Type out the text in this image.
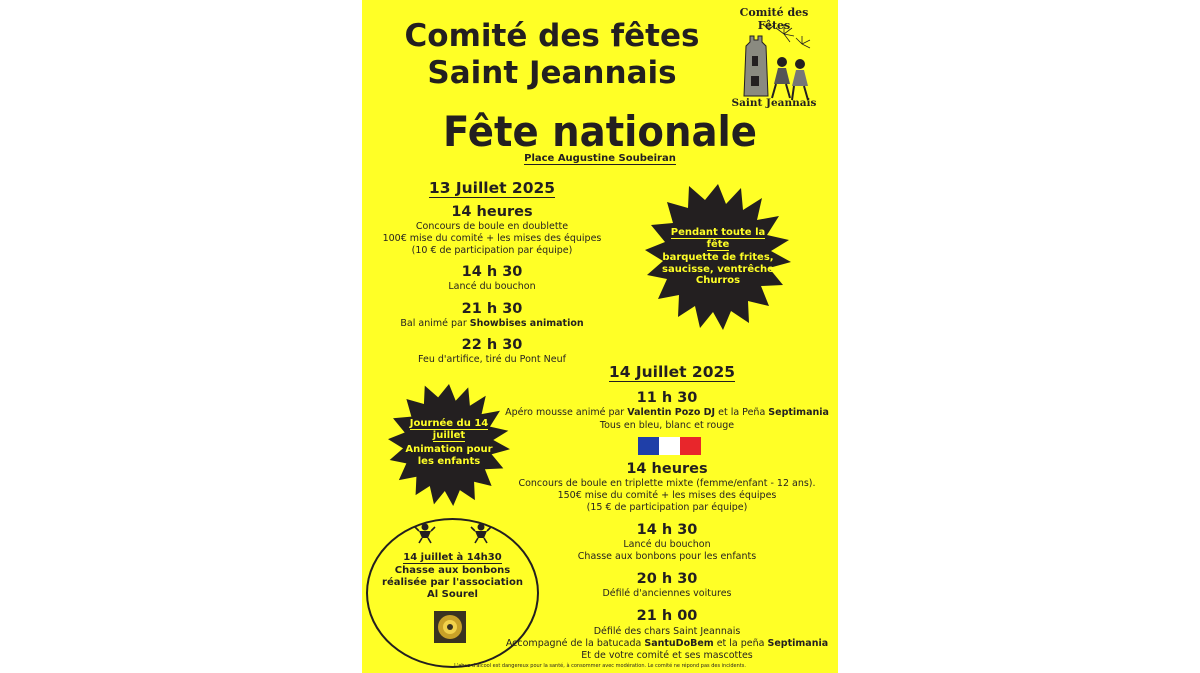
Comité des fêtes
Saint Jeannais
Fête nationale
Place Augustine Soubeiran
Comité des Fêtes
Saint Jeannais
13 Juillet 2025
14 heures
Concours de boule en doublette
100€ mise du comité + les mises des équipes
(10 € de participation par équipe)
14 h 30
Lancé du bouchon
21 h 30
Bal animé par Showbises animation
22 h 30
Feu d'artifice, tiré du Pont Neuf
Pendant toute la
fête
barquette de frites,
saucisse, ventrêche
Churros
14 Juillet 2025
11 h 30
Apéro mousse animé par Valentin Pozo DJ et la Peña Septimania
Tous en bleu, blanc et rouge
14 heures
Concours de boule en triplette mixte (femme/enfant - 12 ans).
150€ mise du comité + les mises des équipes
(15 € de participation par équipe)
14 h 30
Lancé du bouchon
Chasse aux bonbons pour les enfants
20 h 30
Défilé d'anciennes voitures
21 h 00
Défilé des chars Saint Jeannais
Accompagné de la batucada SantuDoBem et la peña Septimania
Et de votre comité et ses mascottes
Journée du 14
juillet
Animation pour
les enfants
14 juillet à 14h30
Chasse aux bonbons
réalisée par l'association
Al Sourel
L'abus d'alcool est dangereux pour la santé, à consommer avec modération. Le comité ne répond pas des incidents.
